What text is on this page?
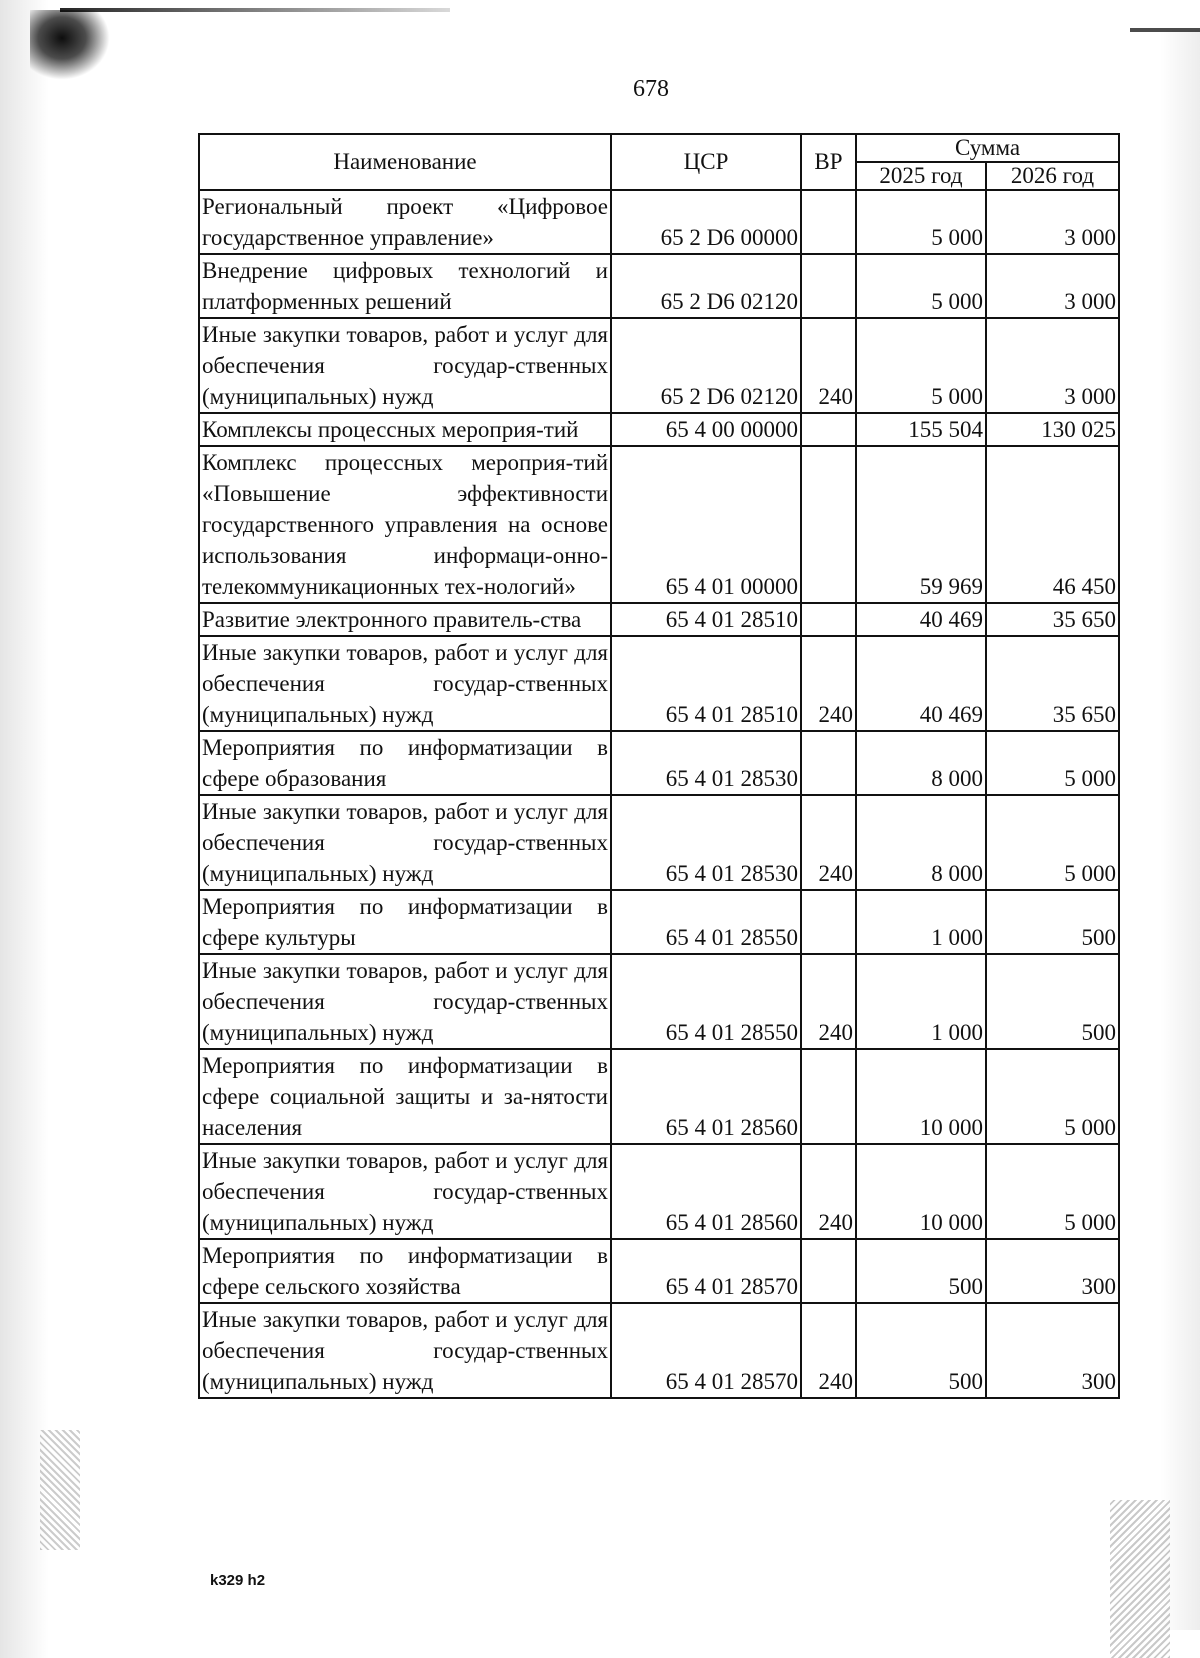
678
Наименование	ЦСР	ВР	Сумма	
			2025 год	2026 год
Региональный проект «Цифровое государственное управление»	65 2 D6 00000		5 000	3 000
Внедрение цифровых технологий и платформенных решений	65 2 D6 02120		5 000	3 000
Иные закупки товаров, работ и услуг для обеспечения государ-ственных (муниципальных) нужд	65 2 D6 02120	240	5 000	3 000
Комплексы процессных мероприя-тий	65 4 00 00000		155 504	130 025
Комплекс процессных мероприя-тий «Повышение эффективности государственного управления на основе использования информаци-онно-телекоммуникационных тех-нологий»	65 4 01 00000		59 969	46 450
Развитие электронного правитель-ства	65 4 01 28510		40 469	35 650
Иные закупки товаров, работ и услуг для обеспечения государ-ственных (муниципальных) нужд	65 4 01 28510	240	40 469	35 650
Мероприятия по информатизации в сфере образования	65 4 01 28530		8 000	5 000
Иные закупки товаров, работ и услуг для обеспечения государ-ственных (муниципальных) нужд	65 4 01 28530	240	8 000	5 000
Мероприятия по информатизации в сфере культуры	65 4 01 28550		1 000	500
Иные закупки товаров, работ и услуг для обеспечения государ-ственных (муниципальных) нужд	65 4 01 28550	240	1 000	500
Мероприятия по информатизации в сфере социальной защиты и за-нятости населения	65 4 01 28560		10 000	5 000
Иные закупки товаров, работ и услуг для обеспечения государ-ственных (муниципальных) нужд	65 4 01 28560	240	10 000	5 000
Мероприятия по информатизации в сфере сельского хозяйства	65 4 01 28570		500	300
Иные закупки товаров, работ и услуг для обеспечения государ-ственных (муниципальных) нужд	65 4 01 28570	240	500	300
k329 h2
